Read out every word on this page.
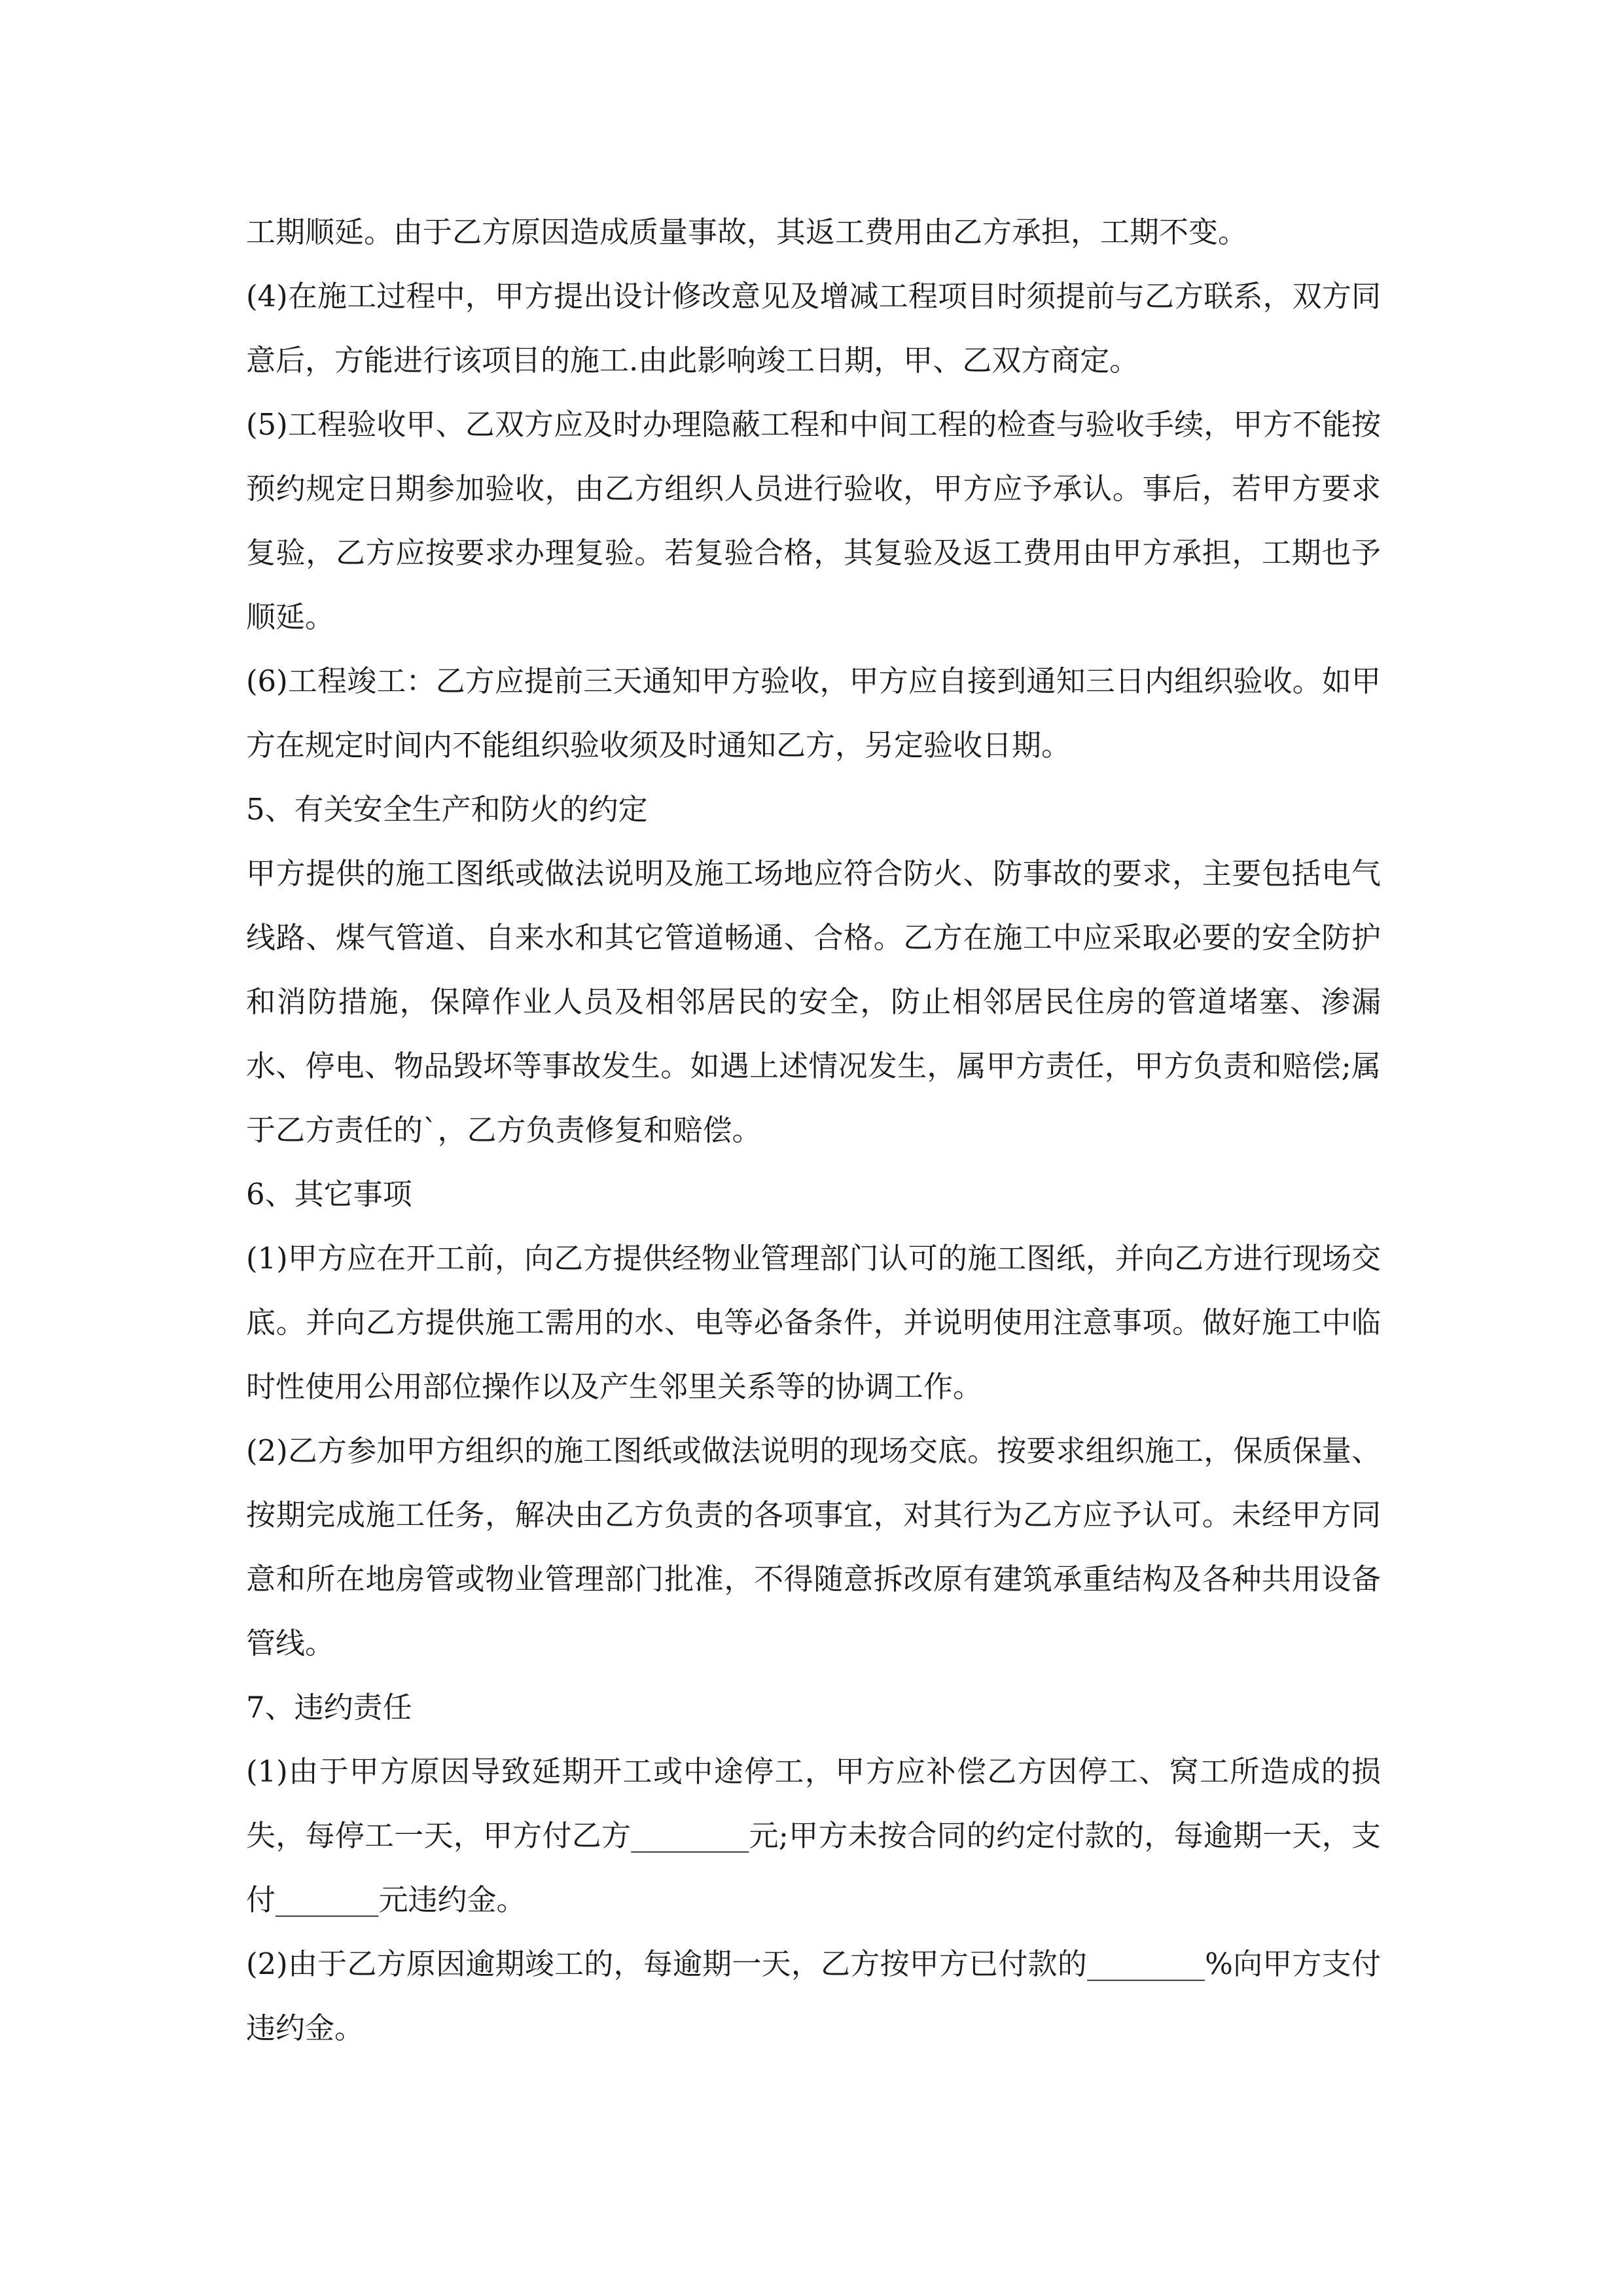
工期顺延。由于乙方原因造成质量事故，其返工费用由乙方承担，工期不变。

(4)在施工过程中，甲方提出设计修改意见及增减工程项目时须提前与乙方联系，双方同意后，方能进行该项目的施工.由此影响竣工日期，甲、乙双方商定。

(5)工程验收甲、乙双方应及时办理隐蔽工程和中间工程的检查与验收手续，甲方不能按预约规定日期参加验收，由乙方组织人员进行验收，甲方应予承认。事后，若甲方要求复验，乙方应按要求办理复验。若复验合格，其复验及返工费用由甲方承担，工期也予顺延。

(6)工程竣工：乙方应提前三天通知甲方验收，甲方应自接到通知三日内组织验收。如甲方在规定时间内不能组织验收须及时通知乙方，另定验收日期。

5、有关安全生产和防火的约定

甲方提供的施工图纸或做法说明及施工场地应符合防火、防事故的要求，主要包括电气线路、煤气管道、自来水和其它管道畅通、合格。乙方在施工中应采取必要的安全防护和消防措施，保障作业人员及相邻居民的安全，防止相邻居民住房的管道堵塞、渗漏水、停电、物品毁坏等事故发生。如遇上述情况发生，属甲方责任，甲方负责和赔偿;属于乙方责任的`，乙方负责修复和赔偿。

6、其它事项

(1)甲方应在开工前，向乙方提供经物业管理部门认可的施工图纸，并向乙方进行现场交底。并向乙方提供施工需用的水、电等必备条件，并说明使用注意事项。做好施工中临时性使用公用部位操作以及产生邻里关系等的协调工作。

(2)乙方参加甲方组织的施工图纸或做法说明的现场交底。按要求组织施工，保质保量、按期完成施工任务，解决由乙方负责的各项事宜，对其行为乙方应予认可。未经甲方同意和所在地房管或物业管理部门批准，不得随意拆改原有建筑承重结构及各种共用设备管线。

7、违约责任

(1)由于甲方原因导致延期开工或中途停工，甲方应补偿乙方因停工、窝工所造成的损失，每停工一天，甲方付乙方________元;甲方未按合同的约定付款的，每逾期一天，支付_______元违约金。

(2)由于乙方原因逾期竣工的，每逾期一天，乙方按甲方已付款的________%向甲方支付违约金。
